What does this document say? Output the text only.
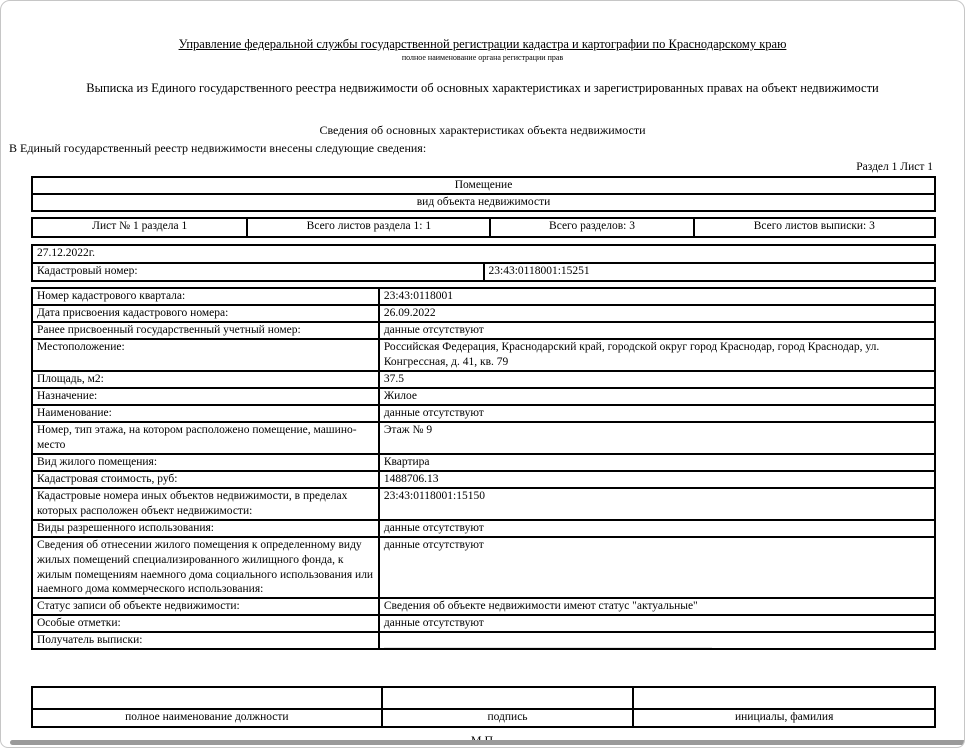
Управление федеральной службы государственной регистрации кадастра и картографии по Краснодарскому краю
полное наименование органа регистрации прав
Выписка из Единого государственного реестра недвижимости об основных характеристиках и зарегистрированных правах на объект недвижимости
Сведения об основных характеристиках объекта недвижимости
В Единый государственный реестр недвижимости внесены следующие сведения:
Раздел 1 Лист 1
Помещение
вид объекта недвижимости
Лист № 1 раздела 1	Всего листов раздела 1: 1	Всего разделов: 3	Всего листов выписки: 3
27.12.2022г.
Кадастровый номер:	23:43:0118001:15251
Номер кадастрового квартала:	23:43:0118001
Дата присвоения кадастрового номера:	26.09.2022
Ранее присвоенный государственный учетный номер:	данные отсутствуют
Местоположение:	Российская Федерация, Краснодарский край, городской округ город Краснодар, город Краснодар, ул. Конгрессная, д. 41, кв. 79
Площадь, м2:	37.5
Назначение:	Жилое
Наименование:	данные отсутствуют
Номер, тип этажа, на котором расположено помещение, машино-место	Этаж № 9
Вид жилого помещения:	Квартира
Кадастровая стоимость, руб:	1488706.13
Кадастровые номера иных объектов недвижимости, в пределах которых расположен объект недвижимости:	23:43:0118001:15150
Виды разрешенного использования:	данные отсутствуют
Сведения об отнесении жилого помещения к определенному виду жилых помещений специализированного жилищного фонда, к жилым помещениям наемного дома социального использования или наемного дома коммерческого использования:	данные отсутствуют
Статус записи об объекте недвижимости:	Сведения об объекте недвижимости имеют статус "актуальные"
Особые отметки:	данные отсутствуют
Получатель выписки:	

полное наименование должности	подпись	инициалы, фамилия
